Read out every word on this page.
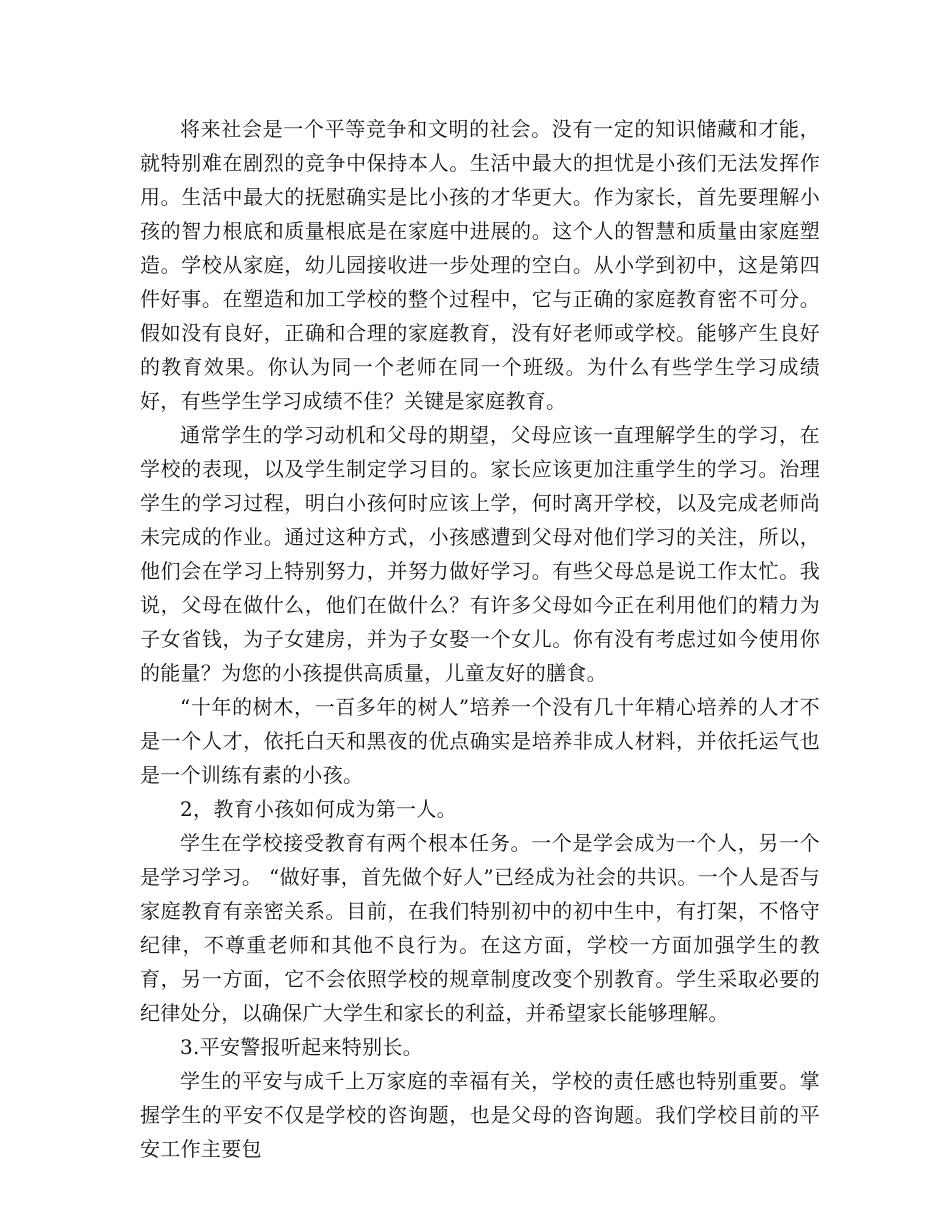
将来社会是一个平等竞争和文明的社会。没有一定的知识储藏和才能，就特别难在剧烈的竞争中保持本人。生活中最大的担忧是小孩们无法发挥作用。生活中最大的抚慰确实是比小孩的才华更大。作为家长，首先要理解小孩的智力根底和质量根底是在家庭中进展的。这个人的智慧和质量由家庭塑造。学校从家庭，幼儿园接收进一步处理的空白。从小学到初中，这是第四件好事。在塑造和加工学校的整个过程中，它与正确的家庭教育密不可分。假如没有良好，正确和合理的家庭教育，没有好老师或学校。能够产生良好的教育效果。你认为同一个老师在同一个班级。为什么有些学生学习成绩好，有些学生学习成绩不佳？关键是家庭教育。

通常学生的学习动机和父母的期望，父母应该一直理解学生的学习，在学校的表现，以及学生制定学习目的。家长应该更加注重学生的学习。治理学生的学习过程，明白小孩何时应该上学，何时离开学校，以及完成老师尚未完成的作业。通过这种方式，小孩感遭到父母对他们学习的关注，所以，他们会在学习上特别努力，并努力做好学习。有些父母总是说工作太忙。我说，父母在做什么，他们在做什么？有许多父母如今正在利用他们的精力为子女省钱，为子女建房，并为子女娶一个女儿。你有没有考虑过如今使用你的能量？为您的小孩提供高质量，儿童友好的膳食。

“十年的树木，一百多年的树人”培养一个没有几十年精心培养的人才不是一个人才，依托白天和黑夜的优点确实是培养非成人材料，并依托运气也是一个训练有素的小孩。

2，教育小孩如何成为第一人。

学生在学校接受教育有两个根本任务。一个是学会成为一个人，另一个是学习学习。 “做好事，首先做个好人”已经成为社会的共识。一个人是否与家庭教育有亲密关系。目前，在我们特别初中的初中生中，有打架，不恪守纪律，不尊重老师和其他不良行为。在这方面，学校一方面加强学生的教育，另一方面，它不会依照学校的规章制度改变个别教育。学生采取必要的纪律处分，以确保广大学生和家长的利益，并希望家长能够理解。

3.平安警报听起来特别长。

学生的平安与成千上万家庭的幸福有关，学校的责任感也特别重要。掌握学生的平安不仅是学校的咨询题，也是父母的咨询题。我们学校目前的平安工作主要包
